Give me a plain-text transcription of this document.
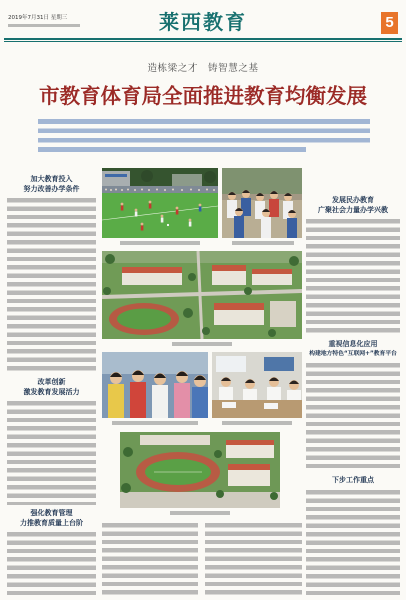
2019年7月31日 星期三	莱西教育	5
造栋梁之才　铸智慧之基
市教育体育局全面推进教育均衡发展
加大教育投入
努力改善办学条件
改革创新
激发教育发展活力
强化教育管理
力推教育质量上台阶
发展民办教育
广聚社会力量办学兴教
重视信息化应用
构建地方特色“互联网+”教育平台
下步工作重点
